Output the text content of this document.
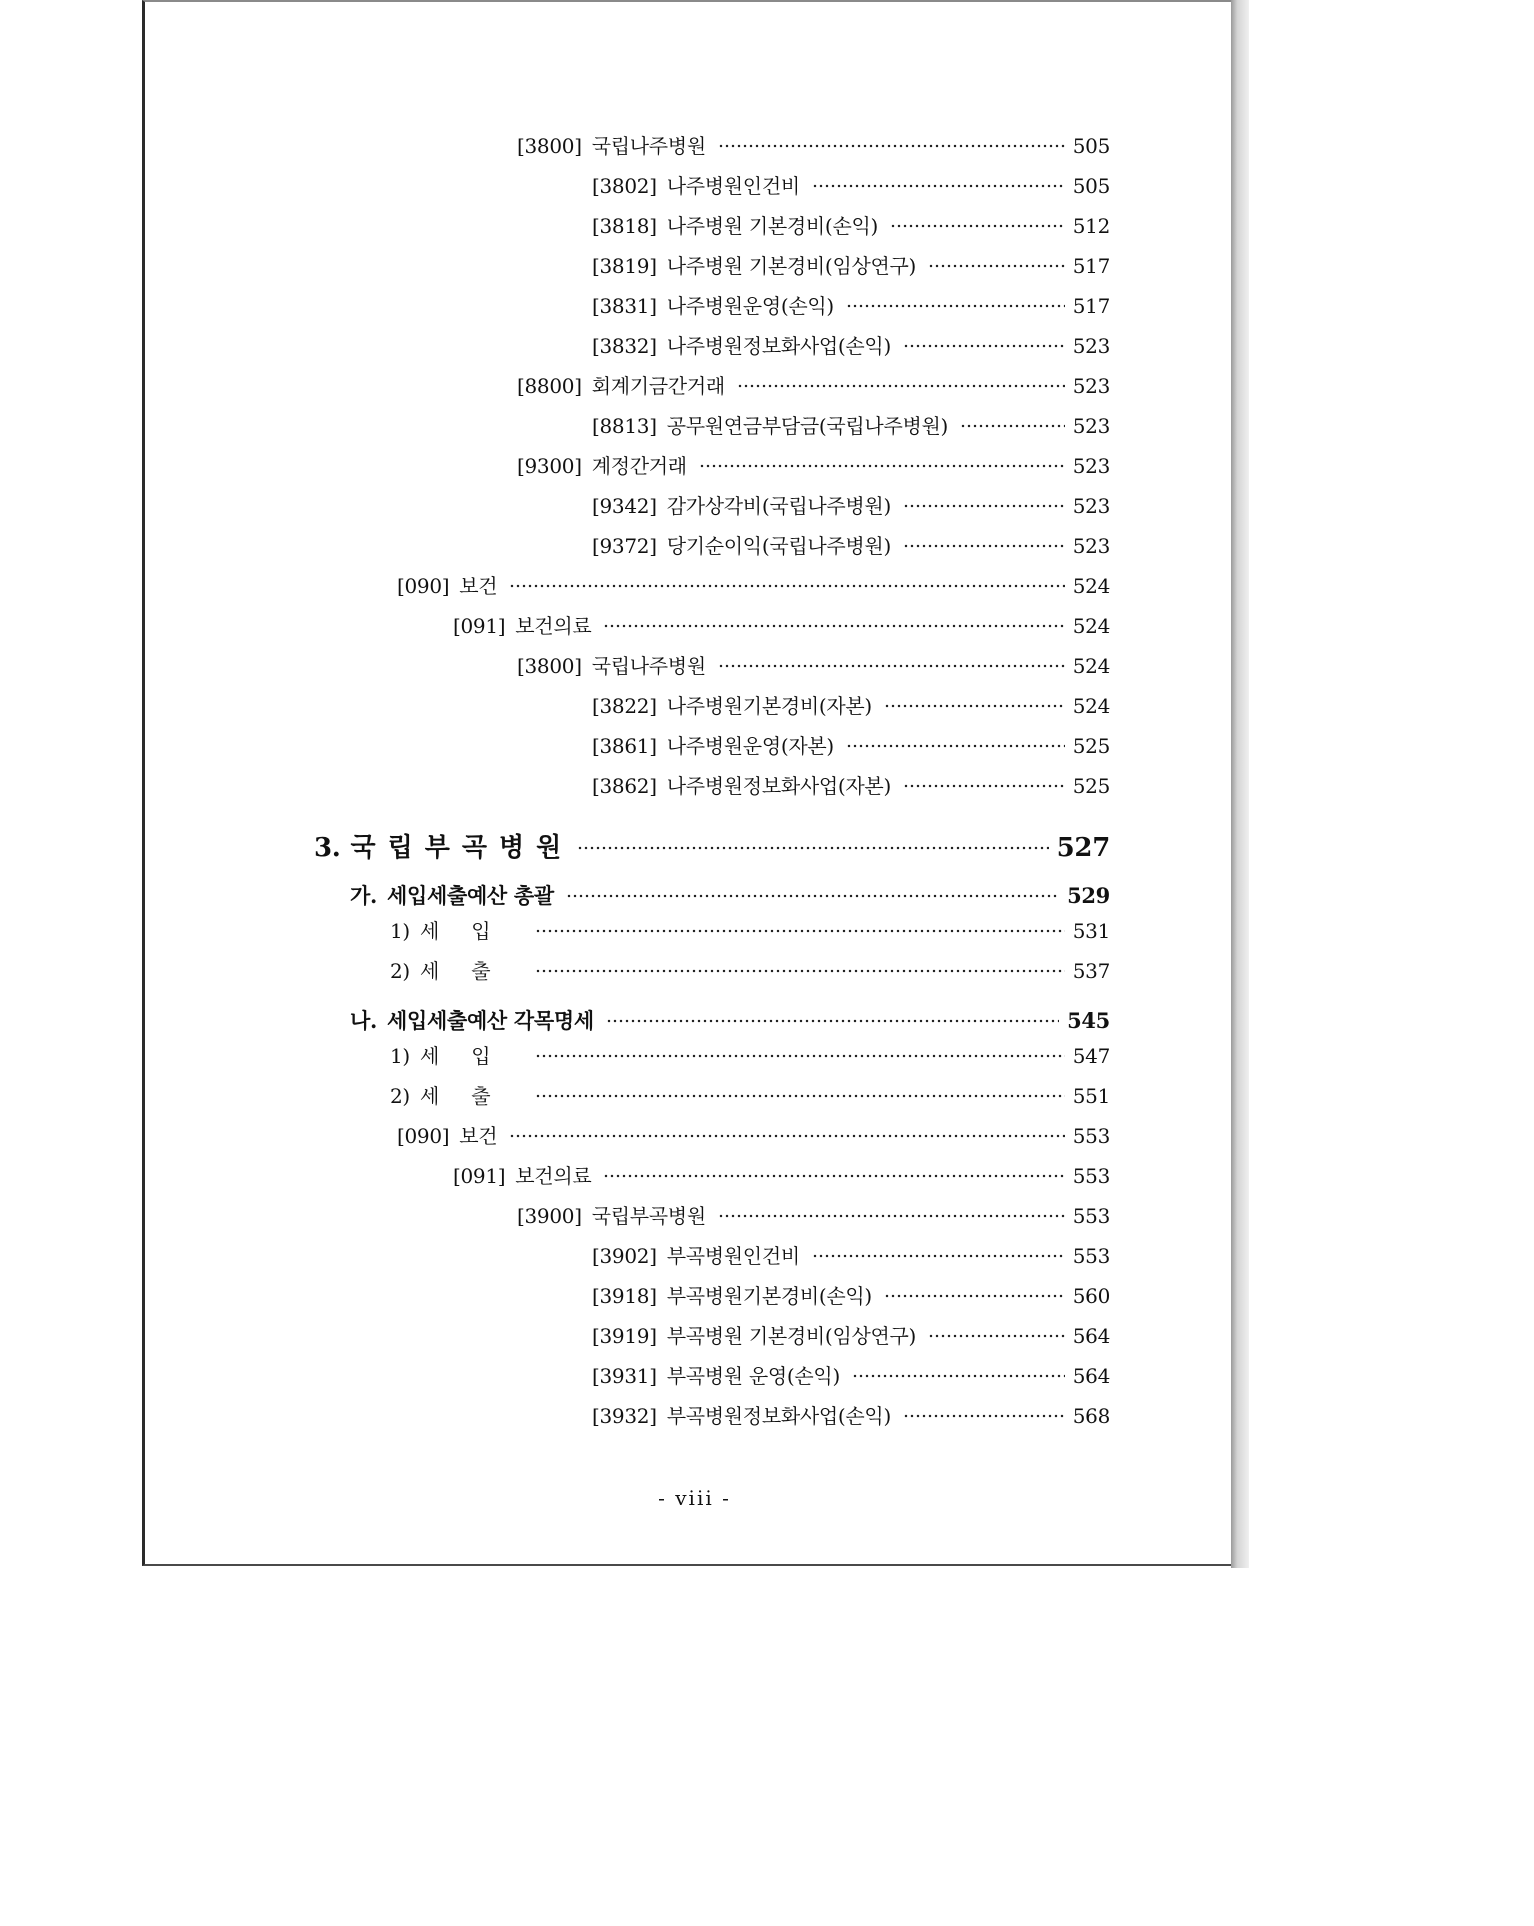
[3800] 국립나주병원	505
[3802] 나주병원인건비	505
[3818] 나주병원 기본경비(손익)	512
[3819] 나주병원 기본경비(임상연구)	517
[3831] 나주병원운영(손익)	517
[3832] 나주병원정보화사업(손익)	523
[8800] 회계기금간거래	523
[8813] 공무원연금부담금(국립나주병원)	523
[9300] 계정간거래	523
[9342] 감가상각비(국립나주병원)	523
[9372] 당기순이익(국립나주병원)	523
[090] 보건	524
[091] 보건의료	524
[3800] 국립나주병원	524
[3822] 나주병원기본경비(자본)	524
[3861] 나주병원운영(자본)	525
[3862] 나주병원정보화사업(자본)	525
3. 국립부곡병원	527
가. 세입세출예산 총괄	529
1) 세입	531
2) 세출	537
나. 세입세출예산 각목명세	545
1) 세입	547
2) 세출	551
[090] 보건	553
[091] 보건의료	553
[3900] 국립부곡병원	553
[3902] 부곡병원인건비	553
[3918] 부곡병원기본경비(손익)	560
[3919] 부곡병원 기본경비(임상연구)	564
[3931] 부곡병원 운영(손익)	564
[3932] 부곡병원정보화사업(손익)	568
- viii -
